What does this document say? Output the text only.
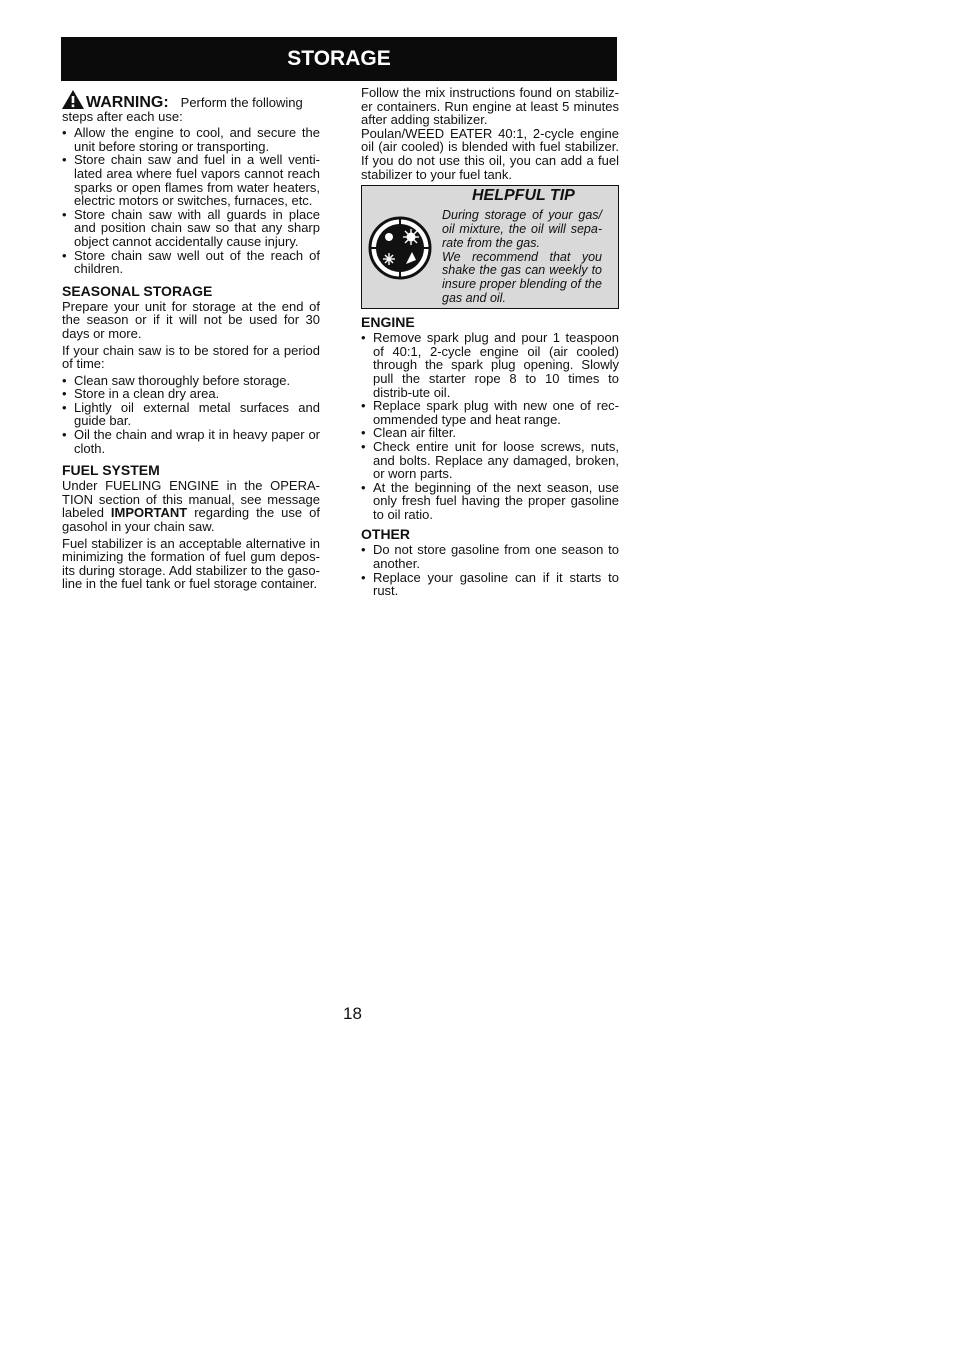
STORAGE
WARNING: Perform the following

steps after each use:

• Allow the engine to cool, and secure the unit before storing or transporting.
• Store chain saw and fuel in a well venti-lated area where fuel vapors cannot reach sparks or open flames from water heaters, electric motors or switches, furnaces, etc.
• Store chain saw with all guards in place and position chain saw so that any sharp object cannot accidentally cause injury.
• Store chain saw well out of the reach of children.
SEASONAL STORAGE

Prepare your unit for storage at the end of the season or if it will not be used for 30 days or more.

If your chain saw is to be stored for a period of time:

• Clean saw thoroughly before storage.
• Store in a clean dry area.
• Lightly oil external metal surfaces and guide bar.
• Oil the chain and wrap it in heavy paper or cloth.
FUEL SYSTEM

Under FUELING ENGINE in the OPERA-TION section of this manual, see message labeled IMPORTANT regarding the use of gasohol in your chain saw.

Fuel stabilizer is an acceptable alternative in minimizing the formation of fuel gum depos-its during storage. Add stabilizer to the gaso-line in the fuel tank or fuel storage container.

Follow the mix instructions found on stabiliz-er containers. Run engine at least 5 minutes after adding stabilizer.

Poulan/WEED EATER 40:1, 2-cycle engine oil (air cooled) is blended with fuel stabilizer. If you do not use this oil, you can add a fuel stabilizer to your fuel tank.

HELPFUL TIP

During storage of your gas/ oil mixture, the oil will sepa-rate from the gas.

We recommend that you shake the gas can weekly to insure proper blending of the gas and oil.

ENGINE
• Remove spark plug and pour 1 teaspoon of 40:1, 2-cycle engine oil (air cooled) through the spark plug opening. Slowly pull the starter rope 8 to 10 times to distrib-ute oil.
• Replace spark plug with new one of rec-ommended type and heat range.
• Clean air filter.
• Check entire unit for loose screws, nuts, and bolts. Replace any damaged, broken, or worn parts.
• At the beginning of the next season, use only fresh fuel having the proper gasoline to oil ratio.
OTHER
• Do not store gasoline from one season to another.
• Replace your gasoline can if it starts to rust.
18
